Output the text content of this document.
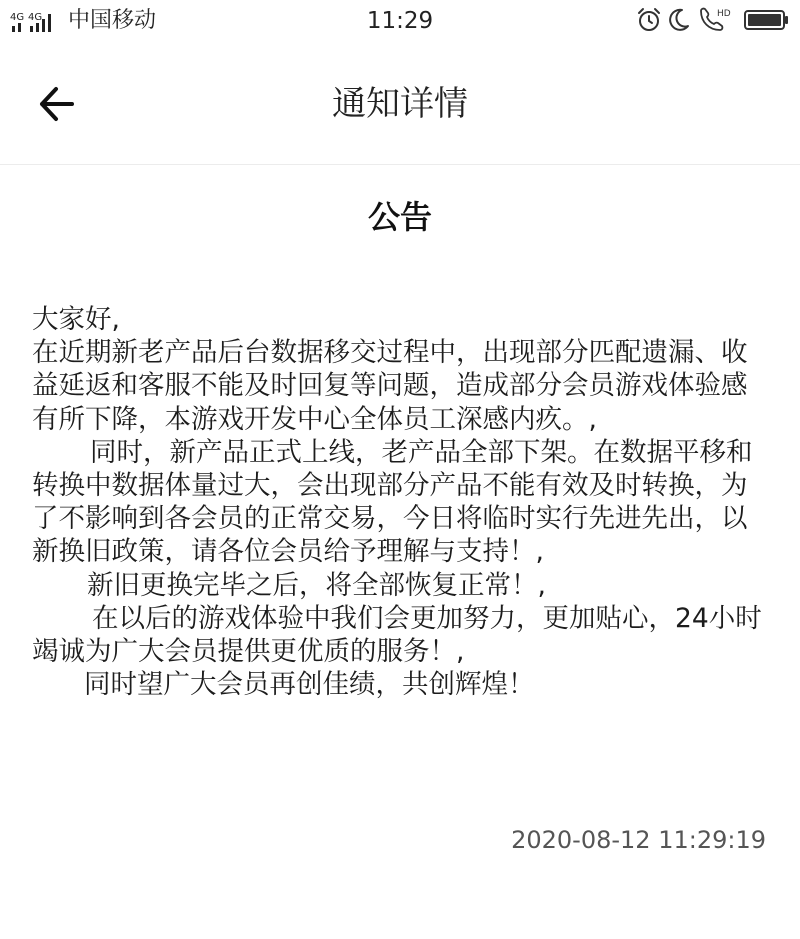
4G 4G 中国移动	11:29	HD
通知详情
公告

大家好,

在近期新老产品后台数据移交过程中，出现部分匹配遗漏、收益延返和客服不能及时回复等问题，造成部分会员游戏体验感有所下降，本游戏开发中心全体员工深感内疚。,

同时，新产品正式上线，老产品全部下架。在数据平移和转换中数据体量过大，会出现部分产品不能有效及时转换，为了不影响到各会员的正常交易，今日将临时实行先进先出，以新换旧政策，请各位会员给予理解与支持！,

新旧更换完毕之后，将全部恢复正常！,

在以后的游戏体验中我们会更加努力，更加贴心，24小时竭诚为广大会员提供更优质的服务！,

同时望广大会员再创佳绩，共创辉煌！

2020-08-12 11:29:19
